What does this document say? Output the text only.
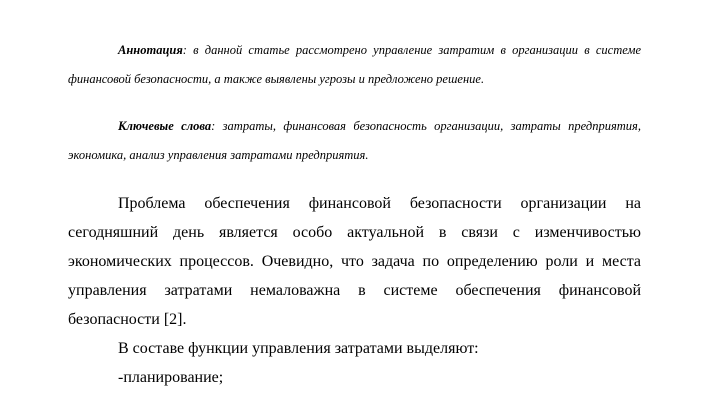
Аннотация: в данной статье рассмотрено управление затратим в организации в системе финансовой безопасности, а также выявлены угрозы и предложено решение.

Ключевые слова: затраты, финансовая безопасность организации, затраты предприятия, экономика, анализ управления затратами предприятия.

Проблема обеспечения финансовой безопасности организации на сегодняшний день является особо актуальной в связи с изменчивостью экономических процессов. Очевидно, что задача по определению роли и места управления затратами немаловажна в системе обеспечения финансовой безопасности [2].

В составе функции управления затратами выделяют:
-планирование;
